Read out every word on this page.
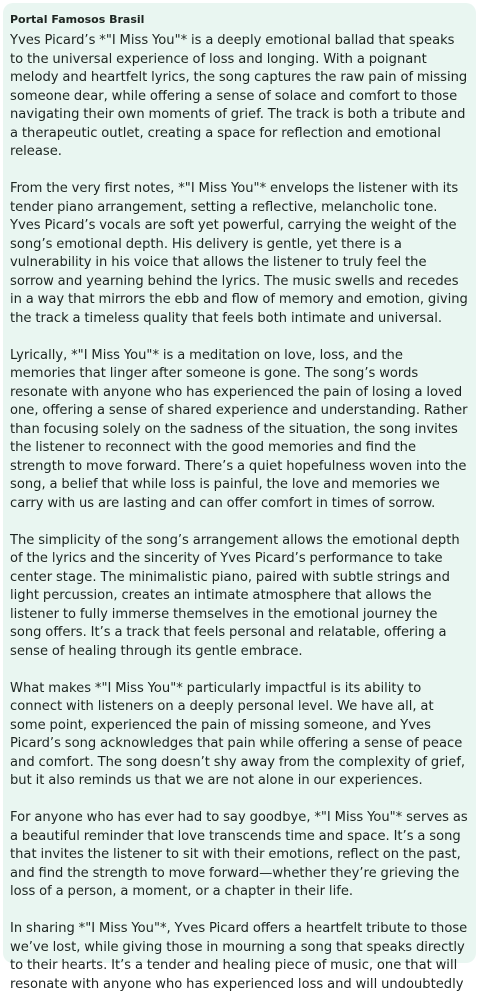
Portal Famosos Brasil
Yves Picard’s *"I Miss You"* is a deeply emotional ballad that speaks to the universal experience of loss and longing. With a poignant melody and heartfelt lyrics, the song captures the raw pain of missing someone dear, while offering a sense of solace and comfort to those navigating their own moments of grief. The track is both a tribute and a therapeutic outlet, creating a space for reflection and emotional release.
From the very first notes, *"I Miss You"* envelops the listener with its tender piano arrangement, setting a reflective, melancholic tone. Yves Picard’s vocals are soft yet powerful, carrying the weight of the song’s emotional depth. His delivery is gentle, yet there is a vulnerability in his voice that allows the listener to truly feel the sorrow and yearning behind the lyrics. The music swells and recedes in a way that mirrors the ebb and flow of memory and emotion, giving the track a timeless quality that feels both intimate and universal.
Lyrically, *"I Miss You"* is a meditation on love, loss, and the memories that linger after someone is gone. The song’s words resonate with anyone who has experienced the pain of losing a loved one, offering a sense of shared experience and understanding. Rather than focusing solely on the sadness of the situation, the song invites the listener to reconnect with the good memories and find the strength to move forward. There’s a quiet hopefulness woven into the song, a belief that while loss is painful, the love and memories we carry with us are lasting and can offer comfort in times of sorrow.
The simplicity of the song’s arrangement allows the emotional depth of the lyrics and the sincerity of Yves Picard’s performance to take center stage. The minimalistic piano, paired with subtle strings and light percussion, creates an intimate atmosphere that allows the listener to fully immerse themselves in the emotional journey the song offers. It’s a track that feels personal and relatable, offering a sense of healing through its gentle embrace.
What makes *"I Miss You"* particularly impactful is its ability to connect with listeners on a deeply personal level. We have all, at some point, experienced the pain of missing someone, and Yves Picard’s song acknowledges that pain while offering a sense of peace and comfort. The song doesn’t shy away from the complexity of grief, but it also reminds us that we are not alone in our experiences.
For anyone who has ever had to say goodbye, *"I Miss You"* serves as a beautiful reminder that love transcends time and space. It’s a song that invites the listener to sit with their emotions, reflect on the past, and find the strength to move forward—whether they’re grieving the loss of a person, a moment, or a chapter in their life.
In sharing *"I Miss You"*, Yves Picard offers a heartfelt tribute to those we’ve lost, while giving those in mourning a song that speaks directly to their hearts. It’s a tender and healing piece of music, one that will resonate with anyone who has experienced loss and will undoubtedly
